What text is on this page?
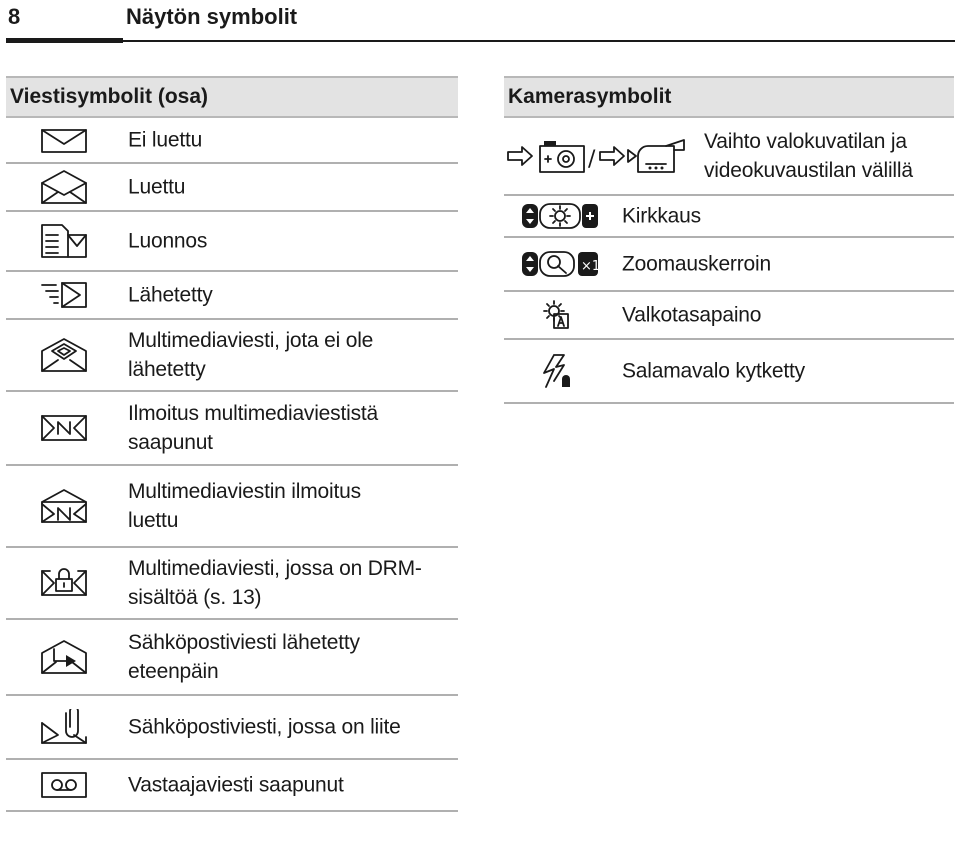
8	Näytön symbolit
Viestisymbolit (osa)
Ei luettu
Luettu
Luonnos
Lähetetty
Multimediaviesti, jota ei ole
lähetetty
Ilmoitus multimediaviestistä
saapunut
Multimediaviestin ilmoitus
luettu
Multimediaviesti, jossa on DRM-
sisältöä (s. 13)
Sähköpostiviesti lähetetty
eteenpäin
Sähköpostiviesti, jossa on liite
Vastaajaviesti saapunut
Kamerasymbolit
/
Vaihto valokuvatilan ja
videokuvaustilan välillä
Kirkkaus
×1 Zoomauskerroin
Valkotasapaino
Salamavalo kytketty
